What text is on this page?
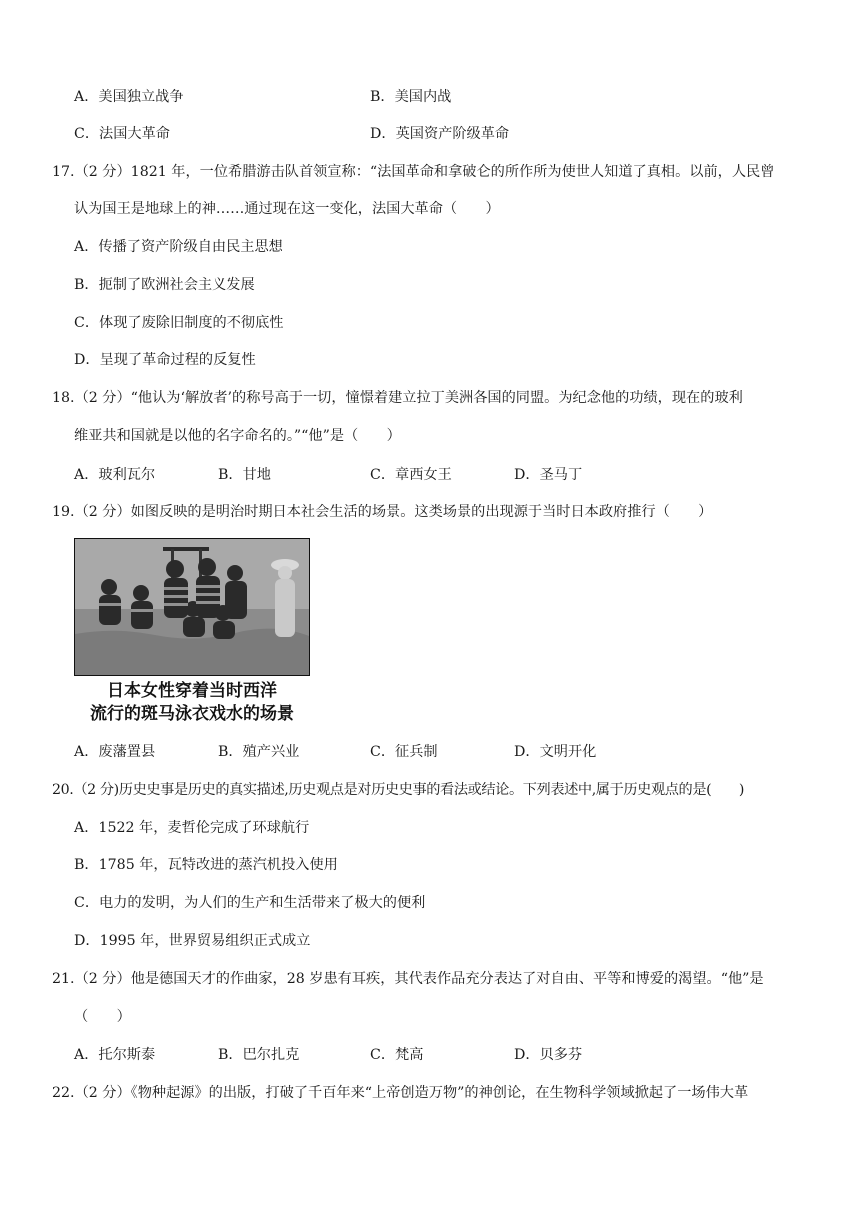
A．美国独立战争	B．美国内战
C．法国大革命	D．英国资产阶级革命
17.（2 分）1821 年，一位希腊游击队首领宣称：“法国革命和拿破仑的所作所为使世人知道了真相。以前，人民曾
认为国王是地球上的神……通过现在这一变化，法国大革命（　　）
A．传播了资产阶级自由民主思想
B．扼制了欧洲社会主义发展
C．体现了废除旧制度的不彻底性
D．呈现了革命过程的反复性
18.（2 分）“他认为‘解放者’的称号高于一切，憧憬着建立拉丁美洲各国的同盟。为纪念他的功绩，现在的玻利
维亚共和国就是以他的名字命名的。”“他”是（　　）
A．玻利瓦尔	B．甘地	C．章西女王	D．圣马丁
19.（2 分）如图反映的是明治时期日本社会生活的场景。这类场景的出现源于当时日本政府推行（　　）
日本女性穿着当时西洋
流行的斑马泳衣戏水的场景
A．废藩置县	B．殖产兴业	C．征兵制	D．文明开化
20.（2 分)历史史事是历史的真实描述,历史观点是对历史史事的看法或结论。下列表述中,属于历史观点的是(　　)
A．1522 年，麦哲伦完成了环球航行
B．1785 年，瓦特改进的蒸汽机投入使用
C．电力的发明，为人们的生产和生活带来了极大的便利
D．1995 年，世界贸易组织正式成立
21.（2 分）他是德国天才的作曲家，28 岁患有耳疾，其代表作品充分表达了对自由、平等和博爱的渴望。“他”是
（　　）
A．托尔斯泰	B．巴尔扎克	C．梵高	D．贝多芬
22.（2 分）《物种起源》的出版，打破了千百年来“上帝创造万物”的神创论，在生物科学领域掀起了一场伟大革
